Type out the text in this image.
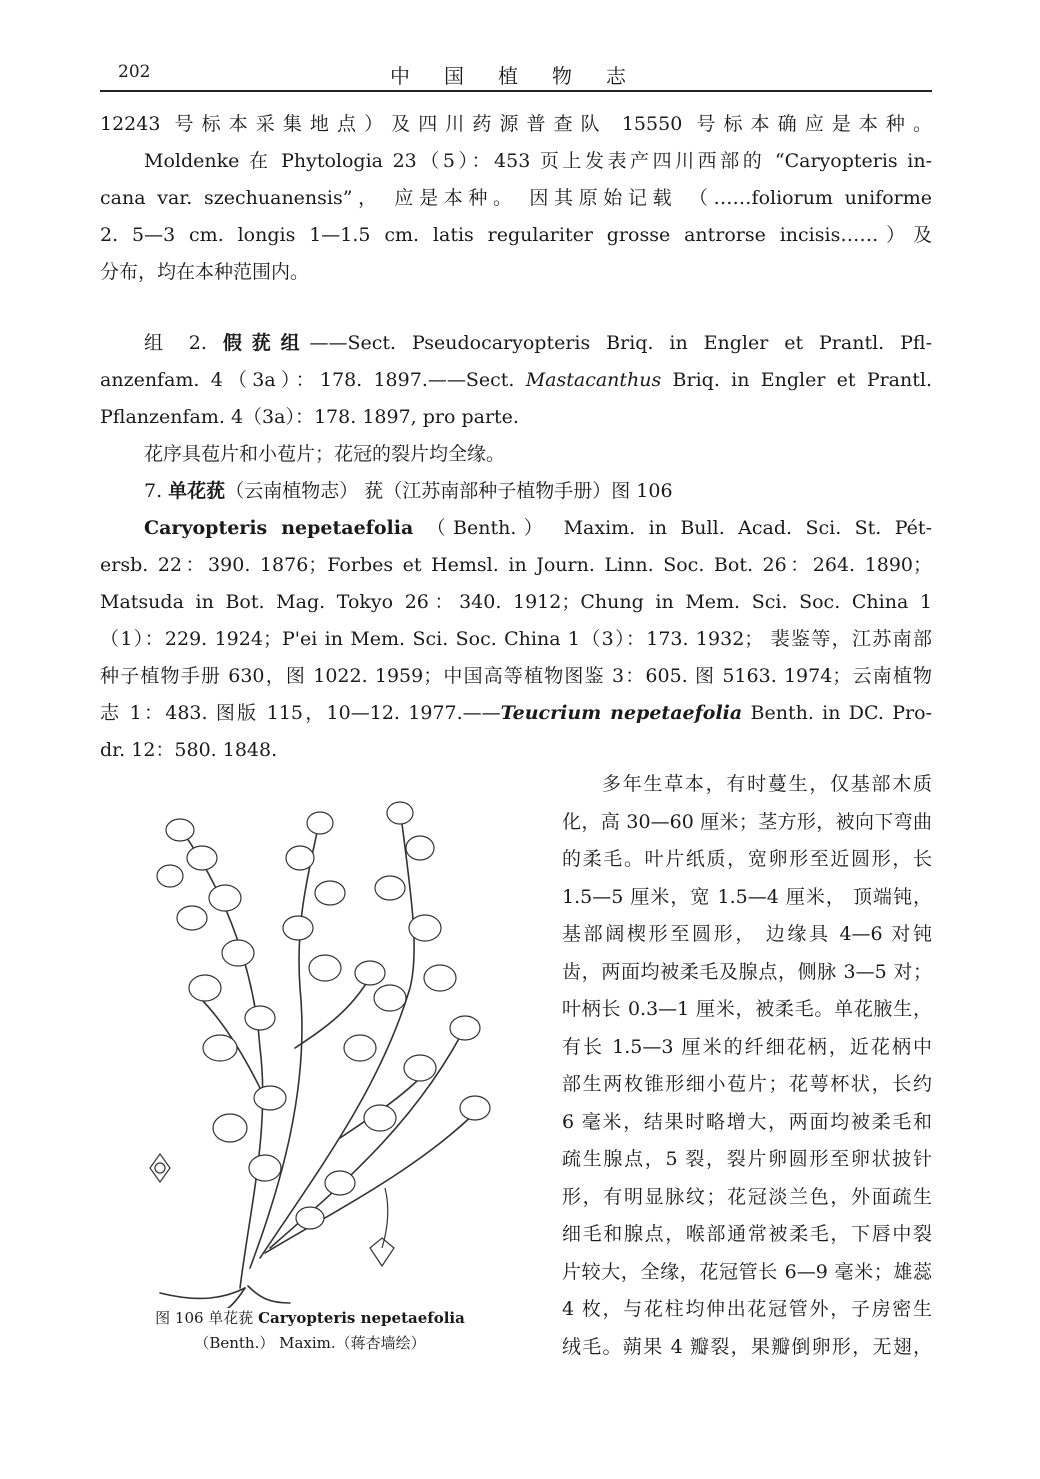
202	中国植物志
12243 号标本采集地点）及四川药源普查队 15550 号标本确应是本种。
Moldenke 在 Phytologia 23（5）：453 页上发表产四川西部的 “Caryopteris in-
cana var. szechuanensis”， 应是本种。 因其原始记载 （……foliorum uniforme
2. 5—3 cm. longis 1—1.5 cm. latis regulariter grosse antrorse incisis……）及
分布，均在本种范围内。
组 2. 假莸组——Sect. Pseudocaryopteris Briq. in Engler et Prantl. Pfl-
anzenfam. 4（3a）：178. 1897.——Sect. Mastacanthus Briq. in Engler et Prantl.
Pflanzenfam. 4（3a）：178. 1897, pro parte.
花序具苞片和小苞片；花冠的裂片均全缘。
7. 单花莸（云南植物志） 莸（江苏南部种子植物手册）图 106
Caryopteris nepetaefolia （Benth.） Maxim. in Bull. Acad. Sci. St. Pét-
ersb. 22：390. 1876；Forbes et Hemsl. in Journ. Linn. Soc. Bot. 26：264. 1890；
Matsuda in Bot. Mag. Tokyo 26：340. 1912；Chung in Mem. Sci. Soc. China 1
（1）：229. 1924；P'ei in Mem. Sci. Soc. China 1（3）：173. 1932； 裴鉴等，江苏南部
种子植物手册 630，图 1022. 1959；中国高等植物图鉴 3：605. 图 5163. 1974；云南植物
志 1：483. 图版 115，10—12. 1977.——Teucrium nepetaefolia Benth. in DC. Pro-
dr. 12：580. 1848.
图 106 单花莸 Caryopteris nepetaefolia
（Benth.） Maxim.（蒋杏墙绘）
多年生草本，有时蔓生，仅基部木质
化，高 30—60 厘米；茎方形，被向下弯曲
的柔毛。叶片纸质，宽卵形至近圆形，长
1.5—5 厘米，宽 1.5—4 厘米， 顶端钝，
基部阔楔形至圆形， 边缘具 4—6 对钝
齿，两面均被柔毛及腺点，侧脉 3—5 对；
叶柄长 0.3—1 厘米，被柔毛。单花腋生，
有长 1.5—3 厘米的纤细花柄，近花柄中
部生两枚锥形细小苞片；花萼杯状，长约
6 毫米，结果时略增大，两面均被柔毛和
疏生腺点，5 裂，裂片卵圆形至卵状披针
形，有明显脉纹；花冠淡兰色，外面疏生
细毛和腺点，喉部通常被柔毛，下唇中裂
片较大，全缘，花冠管长 6—9 毫米；雄蕊
4 枚，与花柱均伸出花冠管外，子房密生
绒毛。蒴果 4 瓣裂，果瓣倒卵形，无翅，
